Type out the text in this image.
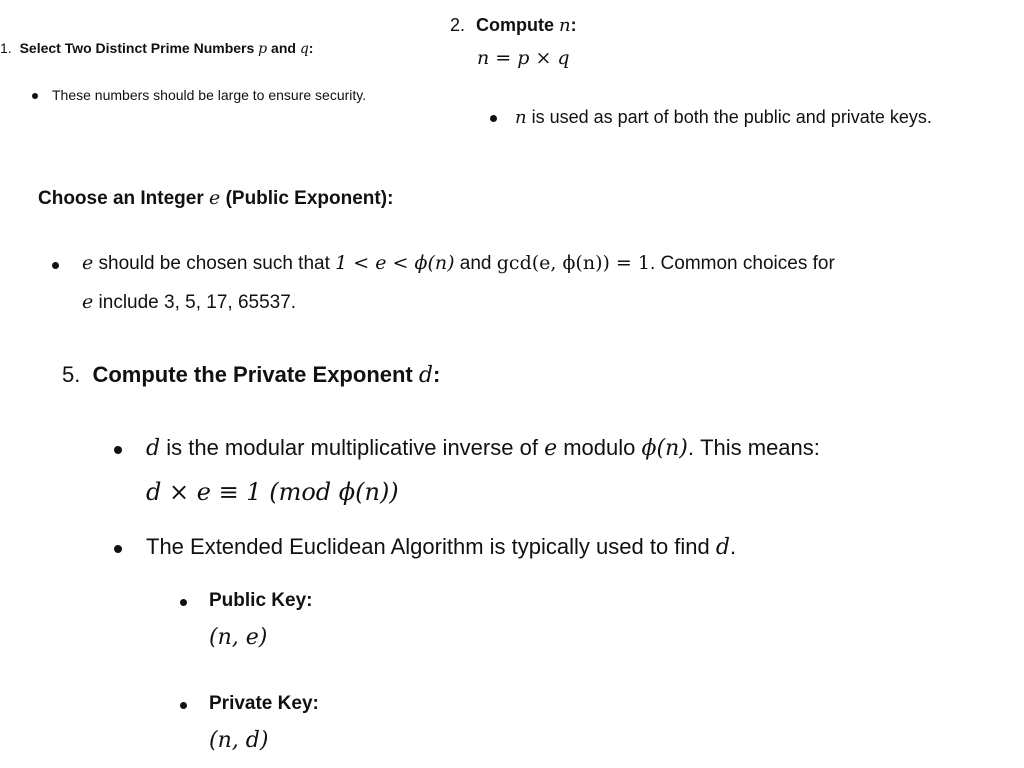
1. Select Two Distinct Prime Numbers p and q:
These numbers should be large to ensure security.
2. Compute n:
n = p × q
n is used as part of both the public and private keys.
Choose an Integer e (Public Exponent):
e should be chosen such that 1 < e < ϕ(n) and gcd(e, ϕ(n)) = 1. Common choices for
e include 3, 5, 17, 65537.
5. Compute the Private Exponent d:
d is the modular multiplicative inverse of e modulo ϕ(n). This means:
d × e ≡ 1 (mod ϕ(n))
The Extended Euclidean Algorithm is typically used to find d.
Public Key:
(n, e)
Private Key:
(n, d)
